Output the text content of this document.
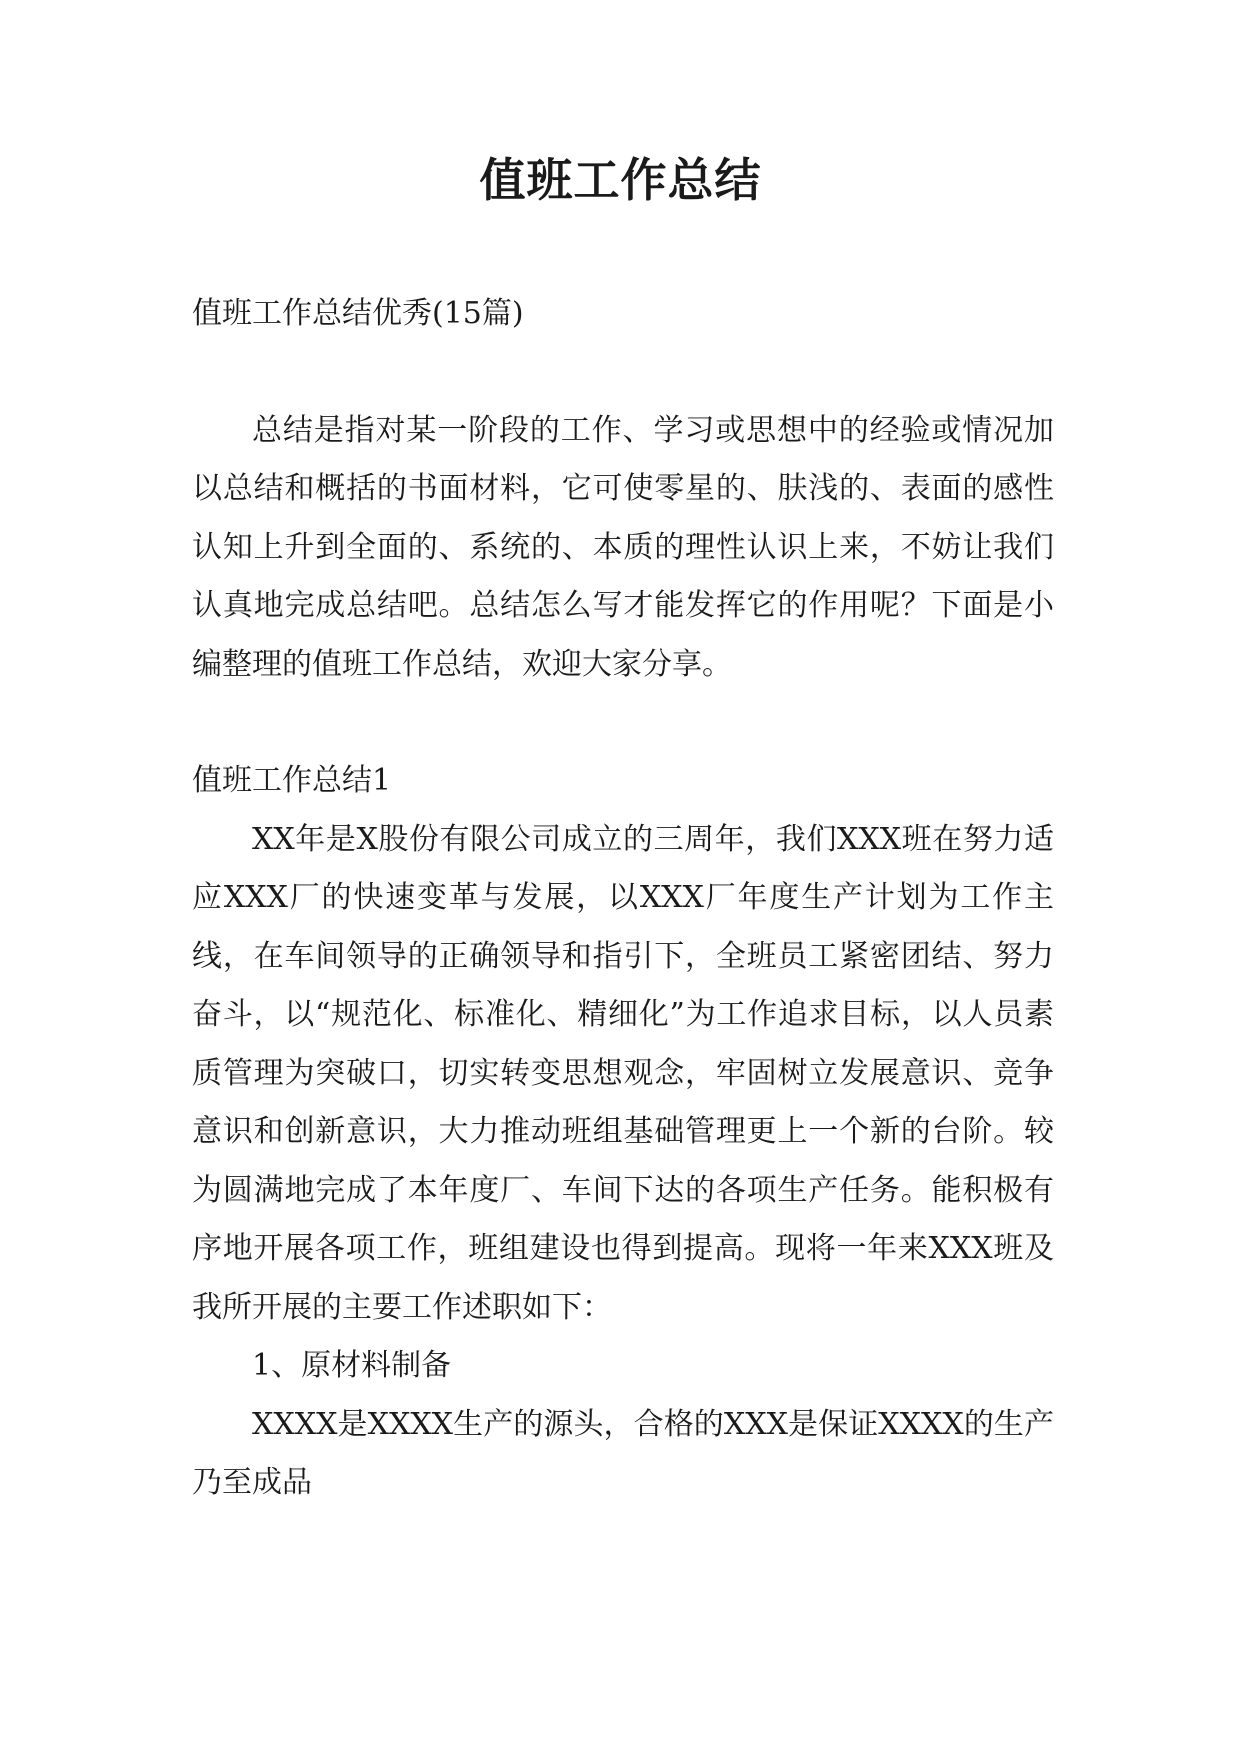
值班工作总结

值班工作总结优秀(15篇)

总结是指对某一阶段的工作、学习或思想中的经验或情况加以总结和概括的书面材料，它可使零星的、肤浅的、表面的感性认知上升到全面的、系统的、本质的理性认识上来，不妨让我们认真地完成总结吧。总结怎么写才能发挥它的作用呢？下面是小编整理的值班工作总结，欢迎大家分享。

值班工作总结1

XX年是X股份有限公司成立的三周年，我们XXX班在努力适应XXX厂的快速变革与发展，以XXX厂年度生产计划为工作主线，在车间领导的正确领导和指引下，全班员工紧密团结、努力奋斗，以“规范化、标准化、精细化”为工作追求目标，以人员素质管理为突破口，切实转变思想观念，牢固树立发展意识、竞争意识和创新意识，大力推动班组基础管理更上一个新的台阶。较为圆满地完成了本年度厂、车间下达的各项生产任务。能积极有序地开展各项工作，班组建设也得到提高。现将一年来XXX班及我所开展的主要工作述职如下：

1、原材料制备

XXXX是XXXX生产的源头，合格的XXX是保证XXXX的生产乃至成品
